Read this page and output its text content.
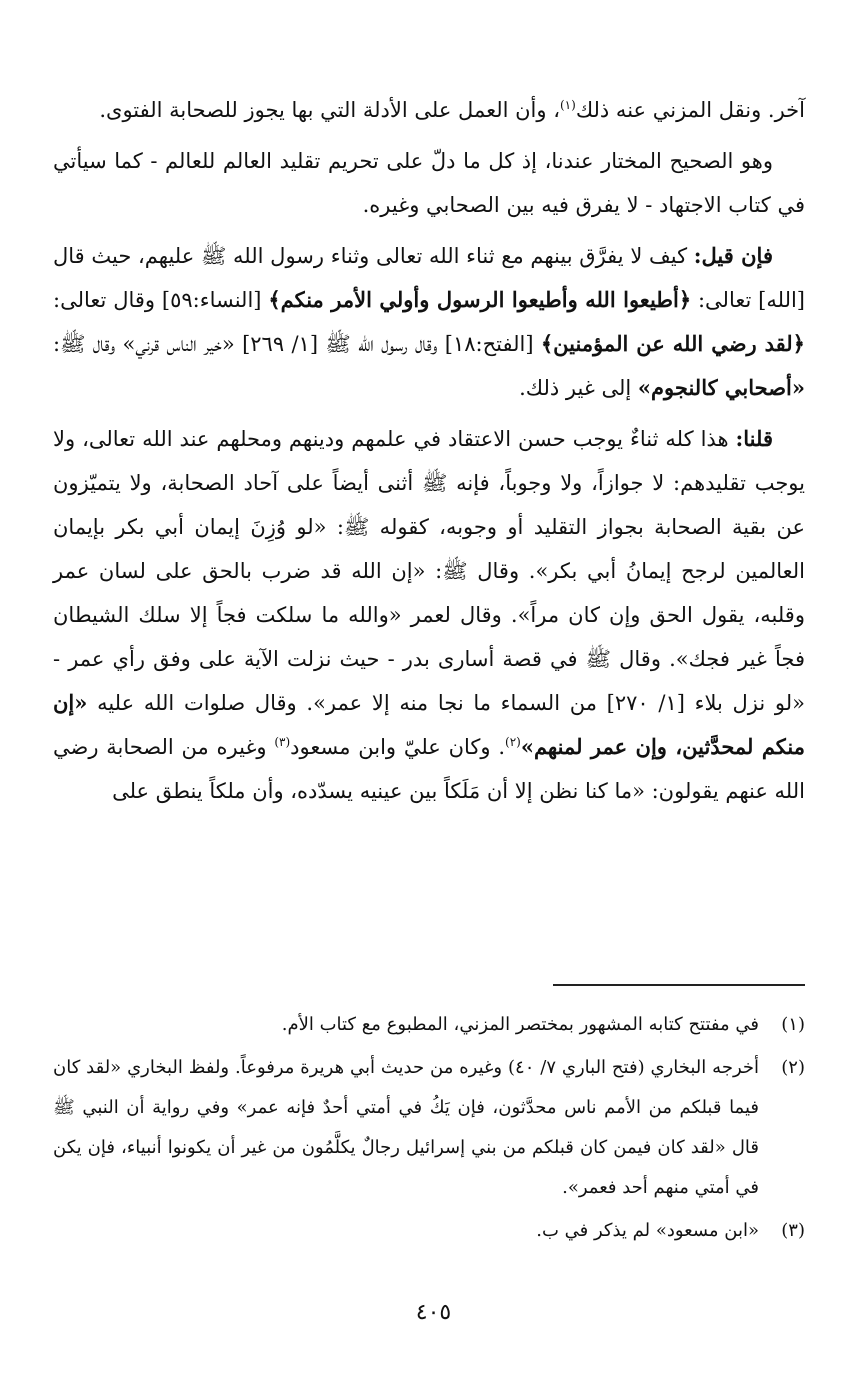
آخر. ونقل المزني عنه ذلك$^{(١)}$، وأن العمل على الأدلة التي بها يجوز للصحابة الفتوى.

وهو الصحيح المختار عندنا، إذ كل ما دلّ على تحريم تقليد العالم للعالم - كما سيأتي في كتاب الاجتهاد - لا يفرق فيه بين الصحابي وغيره.

فإن قيل: كيف لا يفرَّق بينهم مع ثناء الله تعالى وثناء رسول الله ﷺ عليهم، حيث قال [الله] تعالى: ﴿أطيعوا الله وأطيعوا الرسول وأولي الأمر منكم﴾ [النساء:٥٩] وقال تعالى: ﴿لقد رضي الله عن المؤمنين﴾ [الفتح:١٨] وقال رسول الله ﷺ [١/ ٢٦٩] «خير الناس قرني» وقال ﷺ: «أصحابي كالنجوم» إلى غير ذلك.

قلنا: هذا كله ثناءٌ يوجب حسن الاعتقاد في علمهم ودينهم ومحلهم عند الله تعالى، ولا يوجب تقليدهم: لا جوازاً، ولا وجوباً، فإنه ﷺ أثنى أيضاً على آحاد الصحابة، ولا يتميّزون عن بقية الصحابة بجواز التقليد أو وجوبه، كقوله ﷺ: «لو وُزِنَ إيمان أبي بكر بإيمان العالمين لرجح إيمانُ أبي بكر». وقال ﷺ: «إن الله قد ضرب بالحق على لسان عمر وقلبه، يقول الحق وإن كان مراً». وقال لعمر «والله ما سلكت فجاً إلا سلك الشيطان فجاً غير فجك». وقال ﷺ في قصة أسارى بدر - حيث نزلت الآية على وفق رأي عمر - «لو نزل بلاء [١/ ٢٧٠] من السماء ما نجا منه إلا عمر». وقال صلوات الله عليه «إن منكم لمحدَّثين، وإن عمر لمنهم»$^{(٢)}$. وكان عليّ وابن مسعود$^{(٣)}$ وغيره من الصحابة رضي الله عنهم يقولون: «ما كنا نظن إلا أن مَلَكاً بين عينيه يسدّده، وأن ملكاً ينطق على

(١)
في مفتتح كتابه المشهور بمختصر المزني، المطبوع مع كتاب الأم.
(٢)
أخرجه البخاري (فتح الباري ٧/ ٤٠) وغيره من حديث أبي هريرة مرفوعاً. ولفظ البخاري «لقد كان فيما قبلكم من الأمم ناس محدَّثون، فإن يَكُ في أمتي أحدٌ فإنه عمر» وفي رواية أن النبي ﷺ قال «لقد كان فيمن كان قبلكم من بني إسرائيل رجالٌ يكلَّمُون من غير أن يكونوا أنبياء، فإن يكن في أمتي منهم أحد فعمر».
(٣)
«ابن مسعود» لم يذكر في ب.
٤٠٥
